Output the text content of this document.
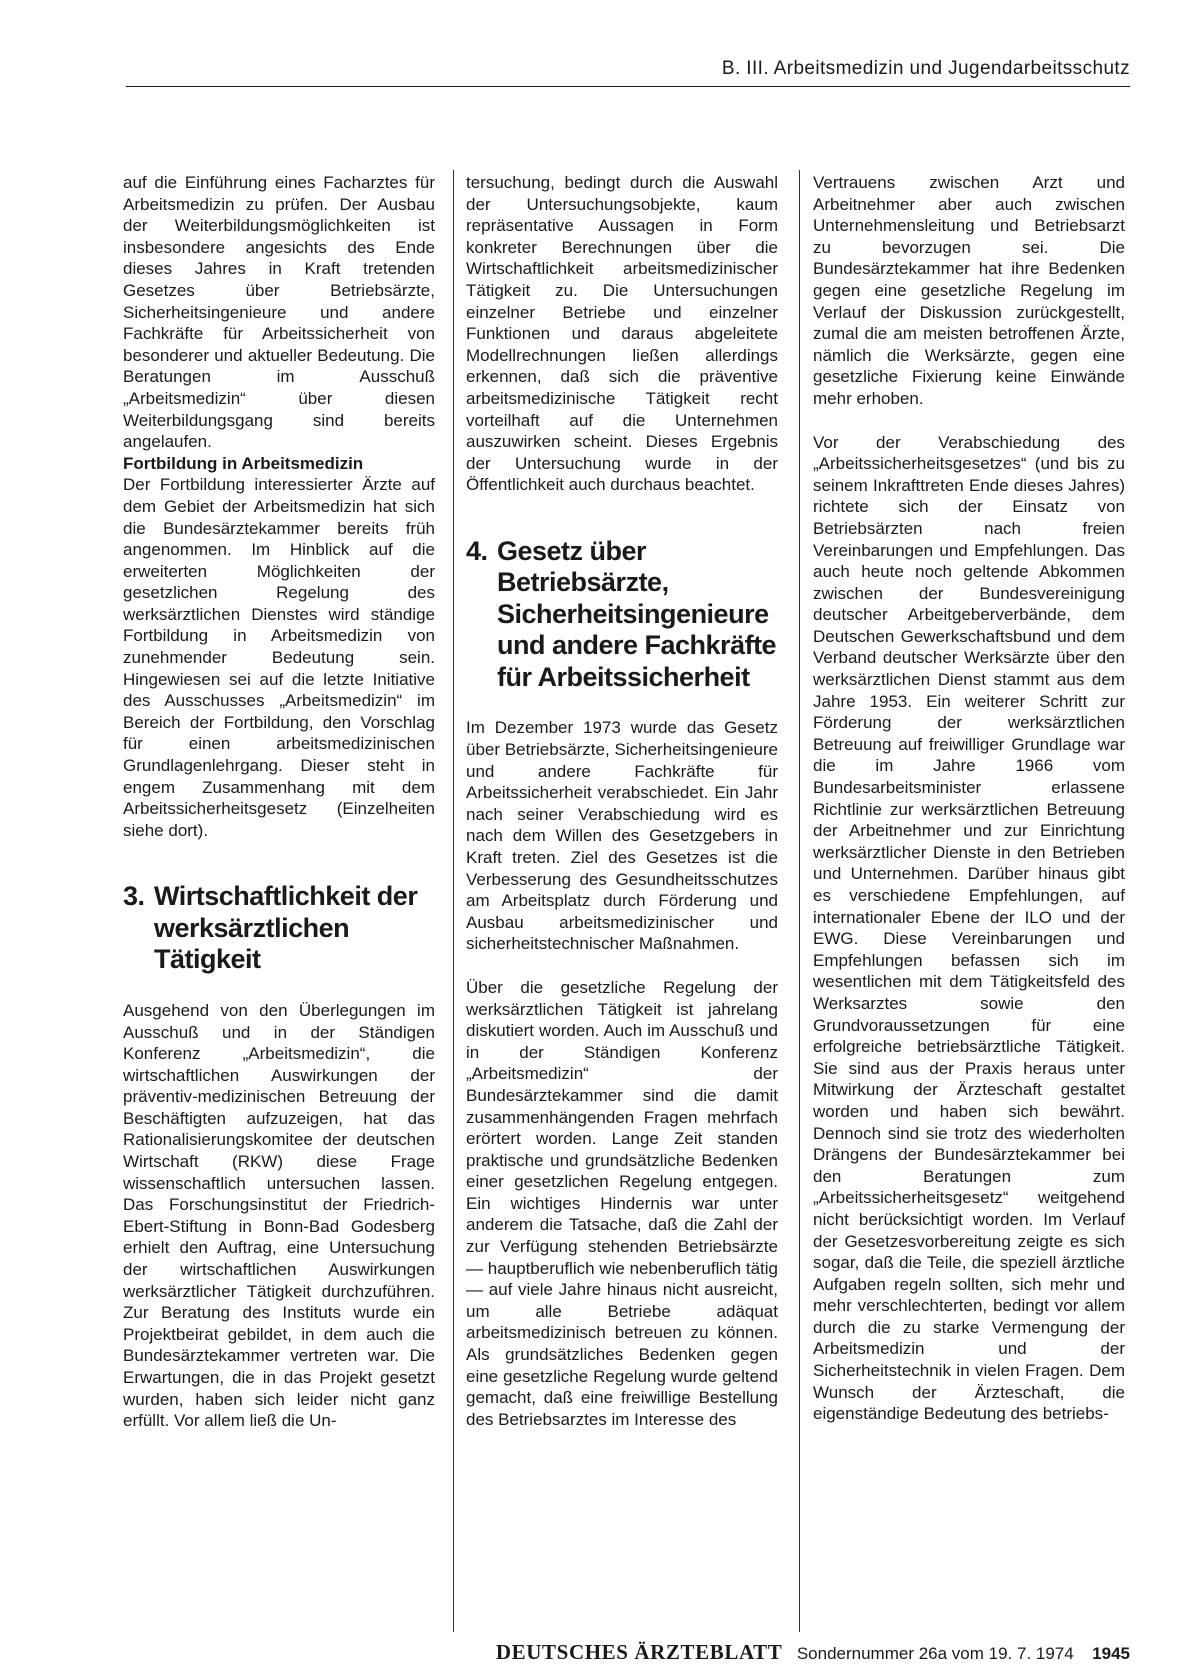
B. III. Arbeitsmedizin und Jugendarbeitsschutz

auf die Einführung eines Facharztes für Arbeitsmedizin zu prüfen. Der Ausbau der Weiterbildungsmöglichkeiten ist insbesondere angesichts des Ende dieses Jahres in Kraft tretenden Gesetzes über Betriebsärzte, Sicherheitsingenieure und andere Fachkräfte für Arbeitssicherheit von besonderer und aktueller Bedeutung. Die Beratungen im Ausschuß „Arbeitsmedizin“ über diesen Weiterbildungsgang sind bereits angelaufen.

Fortbildung in Arbeitsmedizin

Der Fortbildung interessierter Ärzte auf dem Gebiet der Arbeitsmedizin hat sich die Bundesärztekammer bereits früh angenommen. Im Hinblick auf die erweiterten Möglichkeiten der gesetzlichen Regelung des werksärztlichen Dienstes wird ständige Fortbildung in Arbeitsmedizin von zunehmender Bedeutung sein. Hingewiesen sei auf die letzte Initiative des Ausschusses „Arbeitsmedizin“ im Bereich der Fortbildung, den Vorschlag für einen arbeitsmedizinischen Grundlagenlehrgang. Dieser steht in engem Zusammenhang mit dem Arbeitssicherheitsgesetz (Einzelheiten siehe dort).

3. Wirtschaftlichkeit der werksärztlichen Tätigkeit

Ausgehend von den Überlegungen im Ausschuß und in der Ständigen Konferenz „Arbeitsmedizin“, die wirtschaftlichen Auswirkungen der präventiv-medizinischen Betreuung der Beschäftigten aufzuzeigen, hat das Rationalisierungskomitee der deutschen Wirtschaft (RKW) diese Frage wissenschaftlich untersuchen lassen. Das Forschungsinstitut der Friedrich-Ebert-Stiftung in Bonn-Bad Godesberg erhielt den Auftrag, eine Untersuchung der wirtschaftlichen Auswirkungen werksärztlicher Tätigkeit durchzuführen. Zur Beratung des Instituts wurde ein Projektbeirat gebildet, in dem auch die Bundesärztekammer vertreten war. Die Erwartungen, die in das Projekt gesetzt wurden, haben sich leider nicht ganz erfüllt. Vor allem ließ die Un-

tersuchung, bedingt durch die Auswahl der Untersuchungsobjekte, kaum repräsentative Aussagen in Form konkreter Berechnungen über die Wirtschaftlichkeit arbeitsmedizinischer Tätigkeit zu. Die Untersuchungen einzelner Betriebe und einzelner Funktionen und daraus abgeleitete Modellrechnungen ließen allerdings erkennen, daß sich die präventive arbeitsmedizinische Tätigkeit recht vorteilhaft auf die Unternehmen auszuwirken scheint. Dieses Ergebnis der Untersuchung wurde in der Öffentlichkeit auch durchaus beachtet.

4. Gesetz über Betriebsärzte, Sicherheitsingenieure und andere Fachkräfte für Arbeitssicherheit

Im Dezember 1973 wurde das Gesetz über Betriebsärzte, Sicherheitsingenieure und andere Fachkräfte für Arbeitssicherheit verabschiedet. Ein Jahr nach seiner Verabschiedung wird es nach dem Willen des Gesetzgebers in Kraft treten. Ziel des Gesetzes ist die Verbesserung des Gesundheitsschutzes am Arbeitsplatz durch Förderung und Ausbau arbeitsmedizinischer und sicherheitstechnischer Maßnahmen.

Über die gesetzliche Regelung der werksärztlichen Tätigkeit ist jahrelang diskutiert worden. Auch im Ausschuß und in der Ständigen Konferenz „Arbeitsmedizin“ der Bundesärztekammer sind die damit zusammenhängenden Fragen mehrfach erörtert worden. Lange Zeit standen praktische und grundsätzliche Bedenken einer gesetzlichen Regelung entgegen. Ein wichtiges Hindernis war unter anderem die Tatsache, daß die Zahl der zur Verfügung stehenden Betriebsärzte — hauptberuflich wie nebenberuflich tätig — auf viele Jahre hinaus nicht ausreicht, um alle Betriebe adäquat arbeitsmedizinisch betreuen zu können. Als grundsätzliches Bedenken gegen eine gesetzliche Regelung wurde geltend gemacht, daß eine freiwillige Bestellung des Betriebsarztes im Interesse des

Vertrauens zwischen Arzt und Arbeitnehmer aber auch zwischen Unternehmensleitung und Betriebsarzt zu bevorzugen sei. Die Bundesärztekammer hat ihre Bedenken gegen eine gesetzliche Regelung im Verlauf der Diskussion zurückgestellt, zumal die am meisten betroffenen Ärzte, nämlich die Werksärzte, gegen eine gesetzliche Fixierung keine Einwände mehr erhoben.

Vor der Verabschiedung des „Arbeitssicherheitsgesetzes“ (und bis zu seinem Inkrafttreten Ende dieses Jahres) richtete sich der Einsatz von Betriebsärzten nach freien Vereinbarungen und Empfehlungen. Das auch heute noch geltende Abkommen zwischen der Bundesvereinigung deutscher Arbeitgeberverbände, dem Deutschen Gewerkschaftsbund und dem Verband deutscher Werksärzte über den werksärztlichen Dienst stammt aus dem Jahre 1953. Ein weiterer Schritt zur Förderung der werksärztlichen Betreuung auf freiwilliger Grundlage war die im Jahre 1966 vom Bundesarbeitsminister erlassene Richtlinie zur werksärztlichen Betreuung der Arbeitnehmer und zur Einrichtung werksärztlicher Dienste in den Betrieben und Unternehmen. Darüber hinaus gibt es verschiedene Empfehlungen, auf internationaler Ebene der ILO und der EWG. Diese Vereinbarungen und Empfehlungen befassen sich im wesentlichen mit dem Tätigkeitsfeld des Werksarztes sowie den Grundvoraussetzungen für eine erfolgreiche betriebsärztliche Tätigkeit. Sie sind aus der Praxis heraus unter Mitwirkung der Ärzteschaft gestaltet worden und haben sich bewährt. Dennoch sind sie trotz des wiederholten Drängens der Bundesärztekammer bei den Beratungen zum „Arbeitssicherheitsgesetz“ weitgehend nicht berücksichtigt worden. Im Verlauf der Gesetzesvorbereitung zeigte es sich sogar, daß die Teile, die speziell ärztliche Aufgaben regeln sollten, sich mehr und mehr verschlechterten, bedingt vor allem durch die zu starke Vermengung der Arbeitsmedizin und der Sicherheitstechnik in vielen Fragen. Dem Wunsch der Ärzteschaft, die eigenständige Bedeutung des betriebs-

DEUTSCHES ÄRZTEBLATT Sondernummer 26a vom 19. 7. 1974 1945
